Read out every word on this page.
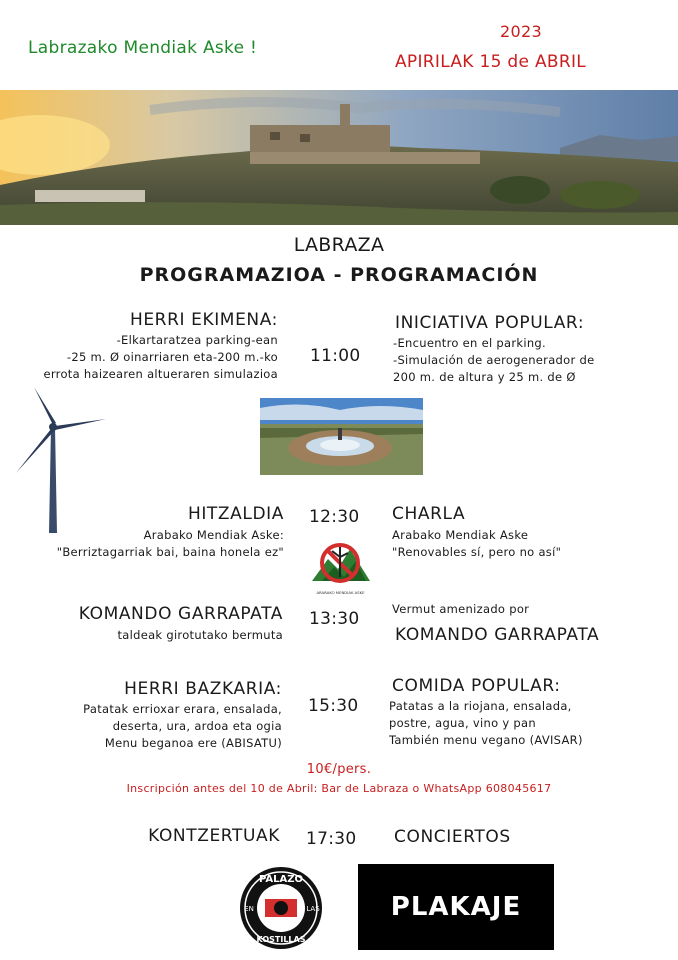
Labrazako Mendiak Aske !
2023
APIRILAK 15 de ABRIL
LABRAZA
PROGRAMAZIOA - PROGRAMACIÓN
HERRI EKIMENA:
-Elkartaratzea parking-ean
-25 m. Ø oinarriaren eta-200 m.-ko
errota haizearen altueraren simulazioa
11:00
INICIATIVA POPULAR:
-Encuentro en el parking.
-Simulación de aerogenerador de
200 m. de altura y 25 m. de Ø
HITZALDIA
Arabako Mendiak Aske:
"Berriztagarriak bai, baina honela ez"
12:30 CHARLA
Arabako Mendiak Aske
"Renovables sí, pero no así"
ARABAKO MENDIAK ASKE
KOMANDO GARRAPATA
taldeak girotutako bermuta
13:30	Vermut amenizado por
KOMANDO GARRAPATA
HERRI BAZKARIA:
Patatak errioxar erara, ensalada,
deserta, ura, ardoa eta ogia
Menu beganoa ere (ABISATU)
15:30
COMIDA POPULAR:
Patatas a la riojana, ensalada,
postre, agua, vino y pan
También menu vegano (AVISAR)
10€/pers.
Inscripción antes del 10 de Abril: Bar de Labraza o WhatsApp 608045617
KONTZERTUAK 17:30 CONCIERTOS
PALAZO
KOSTILLAS
EN	LAS	PLAKAJE
